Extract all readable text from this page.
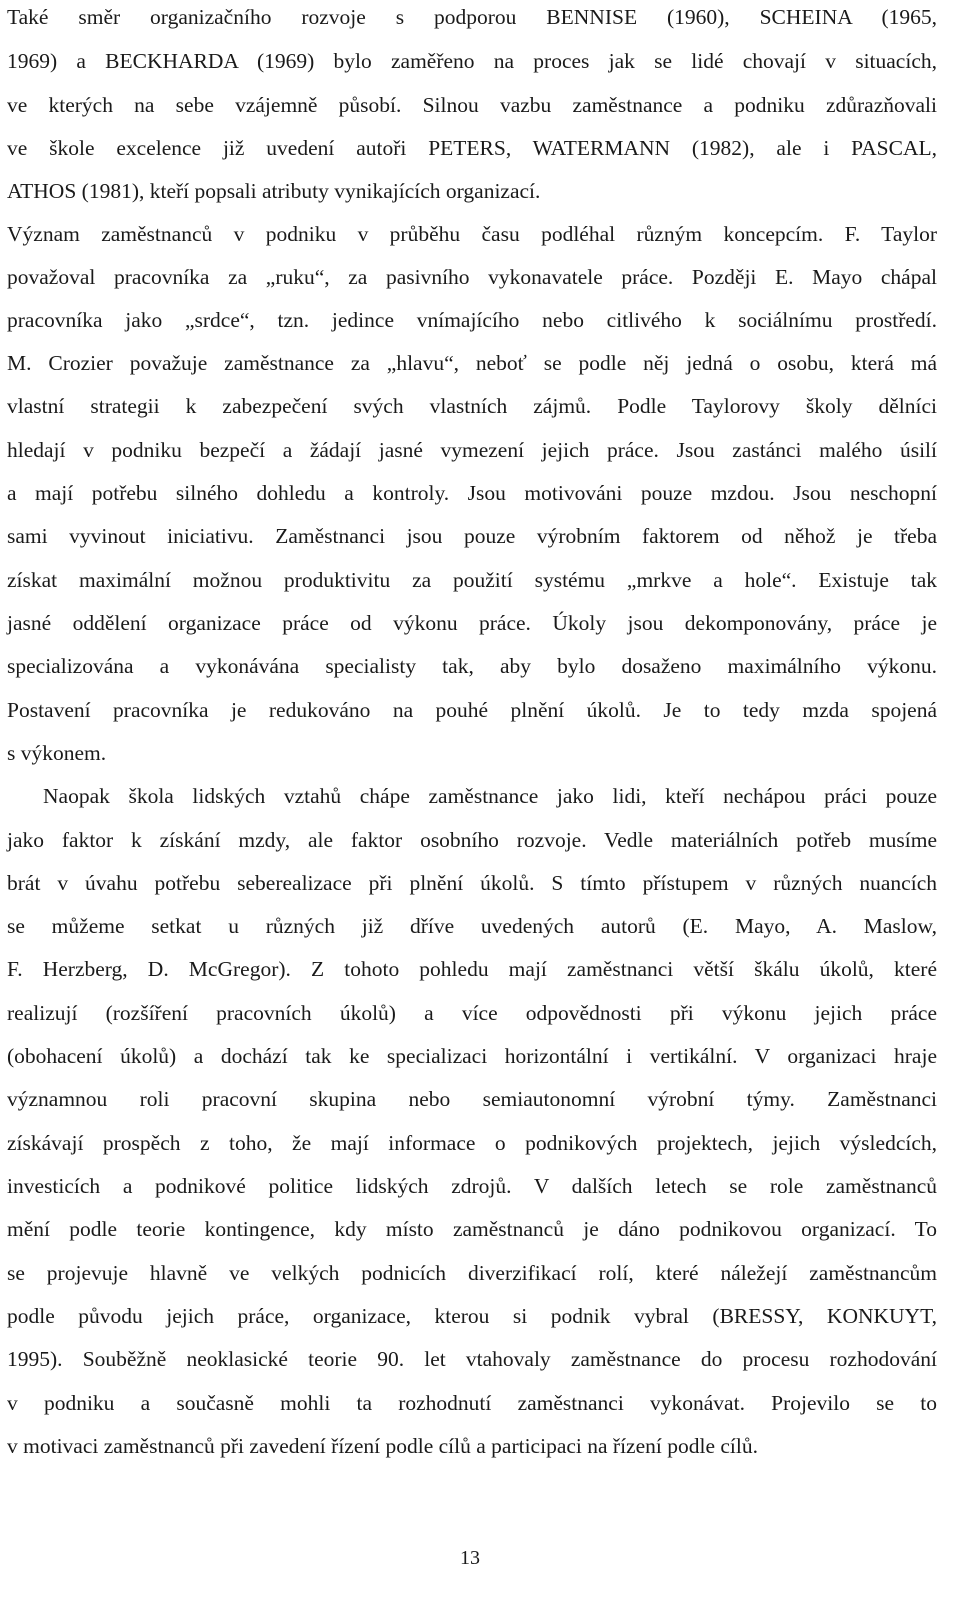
Také směr organizačního rozvoje s podporou BENNISE (1960), SCHEINA (1965,
1969) a BECKHARDA (1969) bylo zaměřeno na proces jak se lidé chovají v situacích,
ve kterých na sebe vzájemně působí. Silnou vazbu zaměstnance a podniku zdůrazňovali
ve škole excelence již uvedení autoři PETERS, WATERMANN (1982), ale i PASCAL,
ATHOS (1981), kteří popsali atributy vynikajících organizací.
Význam zaměstnanců v podniku v průběhu času podléhal různým koncepcím. F. Taylor
považoval pracovníka za „ruku“, za pasivního vykonavatele práce. Později E. Mayo chápal
pracovníka jako „srdce“, tzn. jedince vnímajícího nebo citlivého k sociálnímu prostředí.
M. Crozier považuje zaměstnance za „hlavu“, neboť se podle něj jedná o osobu, která má
vlastní strategii k zabezpečení svých vlastních zájmů. Podle Taylorovy školy dělníci
hledají v podniku bezpečí a žádají jasné vymezení jejich práce. Jsou zastánci malého úsilí
a mají potřebu silného dohledu a kontroly. Jsou motivováni pouze mzdou. Jsou neschopní
sami vyvinout iniciativu. Zaměstnanci jsou pouze výrobním faktorem od něhož je třeba
získat maximální možnou produktivitu za použití systému „mrkve a hole“. Existuje tak
jasné oddělení organizace práce od výkonu práce. Úkoly jsou dekomponovány, práce je
specializována a vykonávána specialisty tak, aby bylo dosaženo maximálního výkonu.
Postavení pracovníka je redukováno na pouhé plnění úkolů. Je to tedy mzda spojená
s výkonem.
Naopak škola lidských vztahů chápe zaměstnance jako lidi, kteří nechápou práci pouze
jako faktor k získání mzdy, ale faktor osobního rozvoje. Vedle materiálních potřeb musíme
brát v úvahu potřebu seberealizace při plnění úkolů. S tímto přístupem v různých nuancích
se můžeme setkat u různých již dříve uvedených autorů (E. Mayo, A. Maslow,
F. Herzberg, D. McGregor). Z tohoto pohledu mají zaměstnanci větší škálu úkolů, které
realizují (rozšíření pracovních úkolů) a více odpovědnosti při výkonu jejich práce
(obohacení úkolů) a dochází tak ke specializaci horizontální i vertikální. V organizaci hraje
významnou roli pracovní skupina nebo semiautonomní výrobní týmy. Zaměstnanci
získávají prospěch z toho, že mají informace o podnikových projektech, jejich výsledcích,
investicích a podnikové politice lidských zdrojů. V dalších letech se role zaměstnanců
mění podle teorie kontingence, kdy místo zaměstnanců je dáno podnikovou organizací. To
se projevuje hlavně ve velkých podnicích diverzifikací rolí, které náležejí zaměstnancům
podle původu jejich práce, organizace, kterou si podnik vybral (BRESSY, KONKUYT,
1995). Souběžně neoklasické teorie 90. let vtahovaly zaměstnance do procesu rozhodování
v podniku a současně mohli ta rozhodnutí zaměstnanci vykonávat. Projevilo se to
v motivaci zaměstnanců při zavedení řízení podle cílů a participaci na řízení podle cílů.
13
